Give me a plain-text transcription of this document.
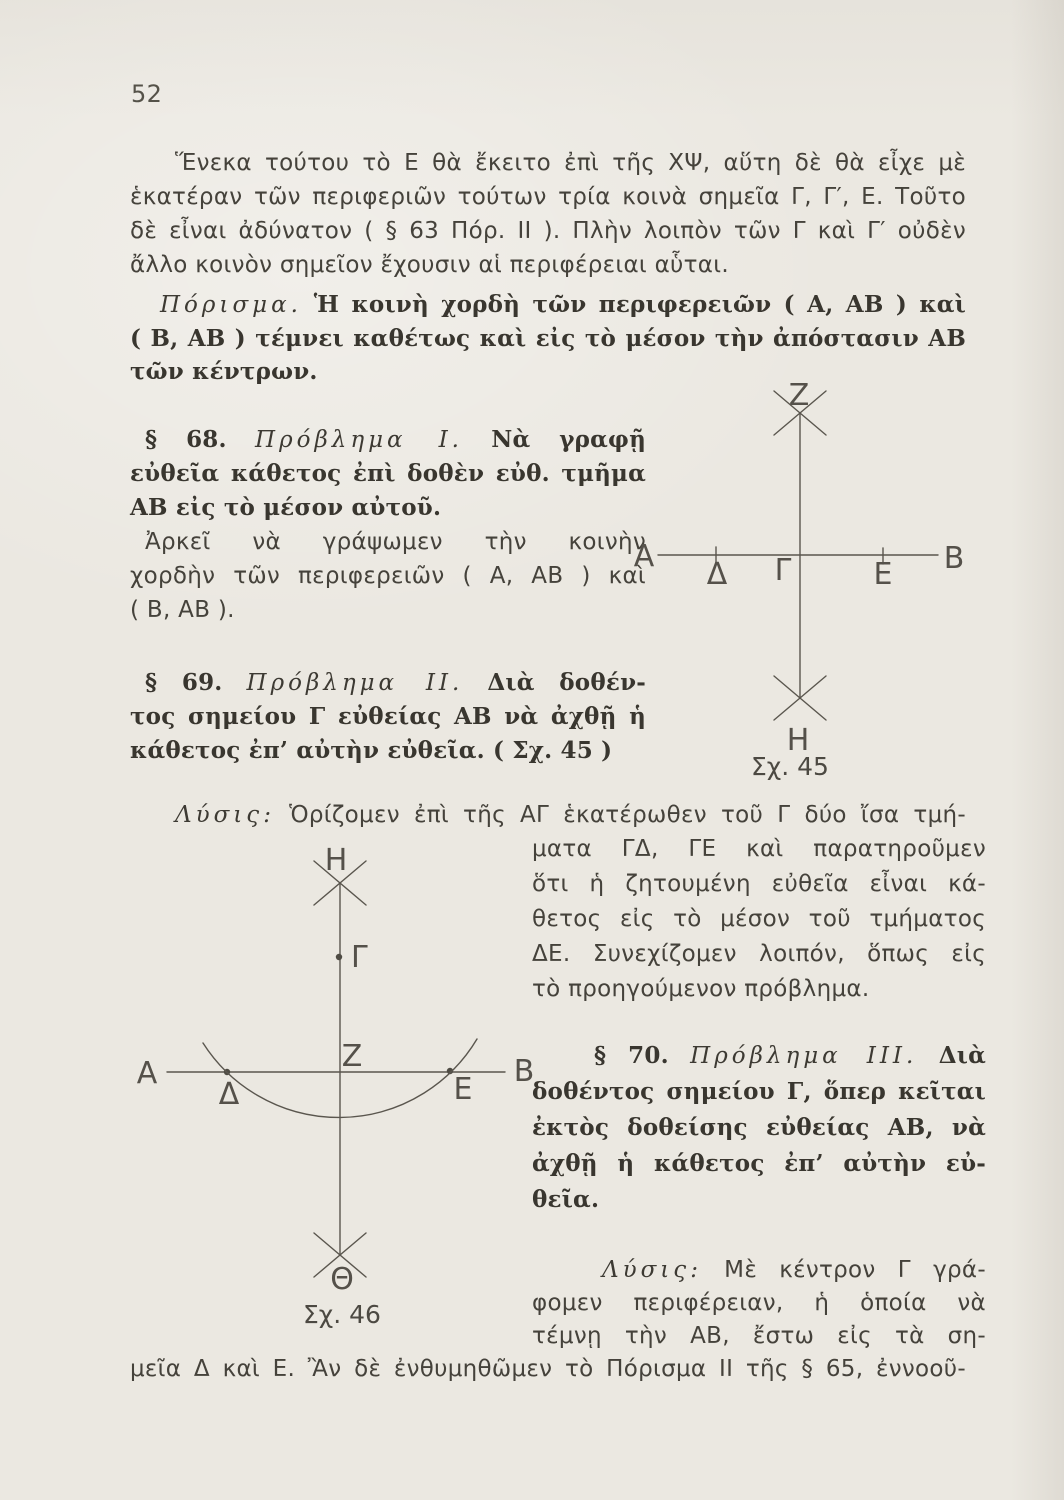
52
Ἕνεκα τούτου τὸ Ε θὰ ἔκειτο ἐπὶ τῆς ΧΨ, αὕτη δὲ θὰ εἶχε μὲ
ἑκατέραν τῶν περιφεριῶν τούτων τρία κοινὰ σημεῖα Γ, Γ′, Ε. Τοῦτο
δὲ εἶναι ἀδύνατον ( § 63 Πόρ. ΙΙ ). Πλὴν λοιπὸν τῶν Γ καὶ Γ′ οὐδὲν
ἄλλο κοινὸν σημεῖον ἔχουσιν αἱ περιφέρειαι αὗται.
Πόρισμα. Ἡ κοινὴ χορδὴ τῶν περιφερειῶν ( Α, ΑΒ ) καὶ
( Β, ΑΒ ) τέμνει καθέτως καὶ εἰς τὸ μέσον τὴν ἀπόστασιν ΑΒ
τῶν κέντρων.
§ 68. Πρόβλημα Ι. Νὰ γραφῇ
εὐθεῖα κάθετος ἐπὶ δοθὲν εὐθ. τμῆμα
ΑΒ εἰς τὸ μέσον αὐτοῦ.
Ἀρκεῖ νὰ γράψωμεν τὴν κοινὴν
χορδὴν τῶν περιφερειῶν ( Α, ΑΒ ) καὶ
( Β, ΑΒ ).
Z
A	B
Δ Γ	E
H
Σχ. 45
§ 69. Πρόβλημα ΙΙ. Διὰ δοθέν-
τος σημείου Γ εὐθείας ΑΒ νὰ ἀχθῇ ἡ
κάθετος ἐπ’ αὐτὴν εὐθεῖα. ( Σχ. 45 )
Λύσις: Ὁρίζομεν ἐπὶ τῆς ΑΓ ἑκατέρωθεν τοῦ Γ δύο ἴσα τμή-
ματα ΓΔ, ΓΕ καὶ παρατηροῦμεν
ὅτι ἡ ζητουμένη εὐθεῖα εἶναι κά-
θετος εἰς τὸ μέσον τοῦ τμήματος
ΔΕ. Συνεχίζομεν λοιπόν, ὅπως εἰς
τὸ προηγούμενον πρόβλημα.
Η
Γ
Ζ
Α	Β
Δ	Ε
Θ
Σχ. 46
§ 70. Πρόβλημα ΙΙΙ. Διὰ
δοθέντος σημείου Γ, ὅπερ κεῖται
ἐκτὸς δοθείσης εὐθείας ΑΒ, νὰ
ἀχθῇ ἡ κάθετος ἐπ’ αὐτὴν εὐ-
θεῖα.
Λύσις: Μὲ κέντρον Γ γρά-
φομεν περιφέρειαν, ἡ ὁποία νὰ
τέμνῃ τὴν ΑΒ, ἔστω εἰς τὰ ση-
μεῖα Δ καὶ Ε. Ἂν δὲ ἐνθυμηθῶμεν τὸ Πόρισμα ΙΙ τῆς § 65, ἐννοοῦ-
